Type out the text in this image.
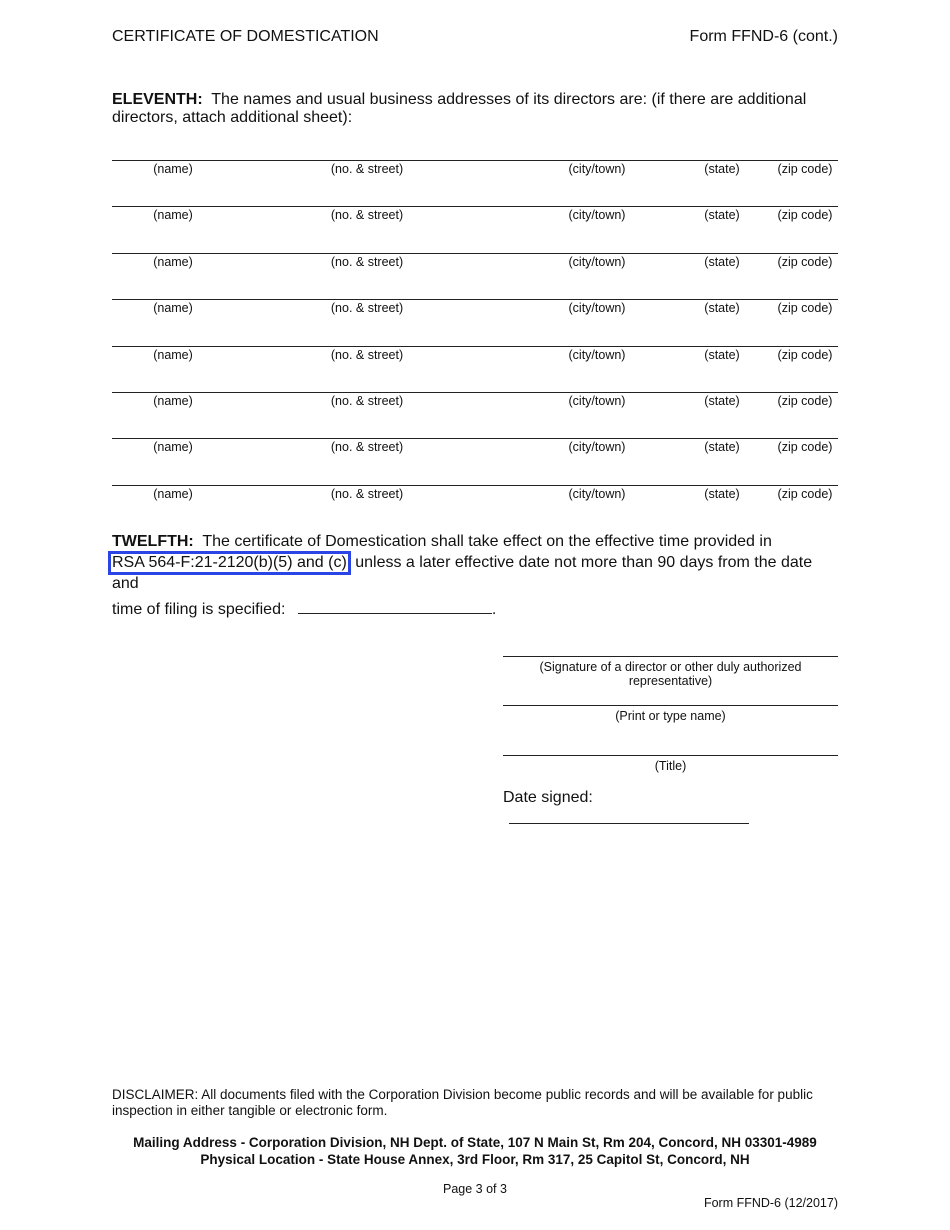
CERTIFICATE OF DOMESTICATION	Form FFND-6 (cont.)
ELEVENTH: The names and usual business addresses of its directors are: (if there are additional directors, attach additional sheet):
(name)	(no. & street)	(city/town)	(state)	(zip code)
(name)	(no. & street)	(city/town)	(state)	(zip code)
(name)	(no. & street)	(city/town)	(state)	(zip code)
(name)	(no. & street)	(city/town)	(state)	(zip code)
(name)	(no. & street)	(city/town)	(state)	(zip code)
(name)	(no. & street)	(city/town)	(state)	(zip code)
(name)	(no. & street)	(city/town)	(state)	(zip code)
(name)	(no. & street)	(city/town)	(state)	(zip code)
TWELFTH: The certificate of Domestication shall take effect on the effective time provided in
RSA 564-F:21-2120(b)(5) and (c) unless a later effective date not more than 90 days from the date and
time of filing is specified:	.
(Signature of a director or other duly authorized representative)
(Print or type name)
(Title)
Date signed:
DISCLAIMER: All documents filed with the Corporation Division become public records and will be available for public inspection in either tangible or electronic form.
Mailing Address - Corporation Division, NH Dept. of State, 107 N Main St, Rm 204, Concord, NH 03301-4989
Physical Location - State House Annex, 3rd Floor, Rm 317, 25 Capitol St, Concord, NH
Page 3 of 3
Form FFND-6 (12/2017)
